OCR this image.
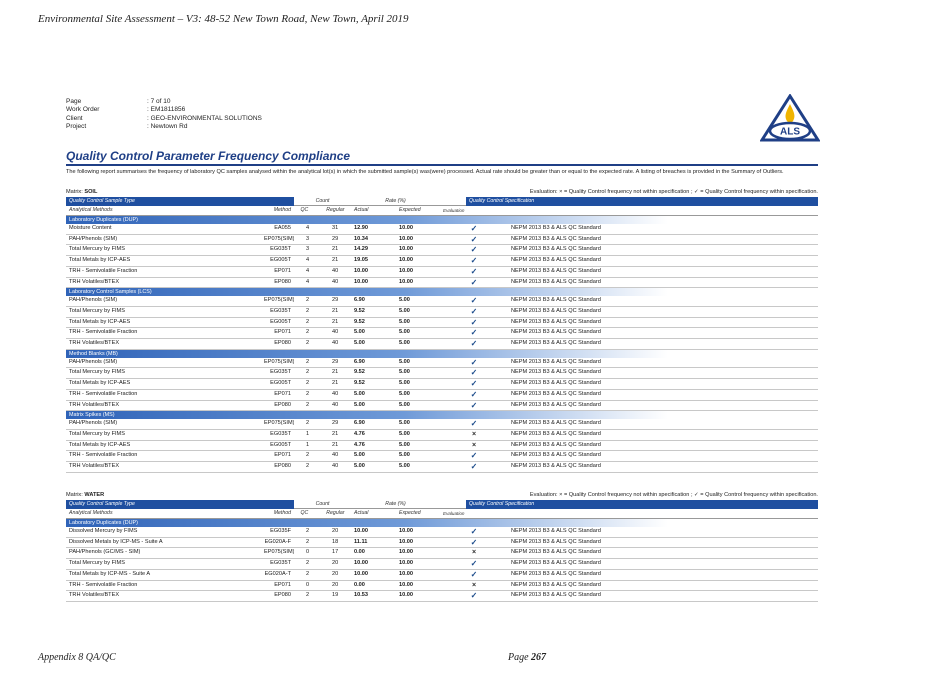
Environmental Site Assessment – V3: 48-52 New Town Road, New Town, April 2019
Page	: 7 of 10
Work Order	: EM1811856
Client	: GEO-ENVIRONMENTAL SOLUTIONS
Project	: Newtown Rd	ALS
Quality Control Parameter Frequency Compliance
The following report summarises the frequency of laboratory QC samples analysed within the analytical lot(s) in which the submitted sample(s) was(were) processed. Actual rate should be greater than or equal to the expected rate. A listing of breaches is provided in the Summary of Outliers.
Matrix: SOIL	Evaluation: × = Quality Control frequency not within specification ; ✓ = Quality Control frequency within specification.
Quality Control Sample Type		Count	Rate (%)			Quality Control Specification	
Analytical Methods	Method	QC Regular	Actual	Expected	Evaluation		
Laboratory Duplicates (DUP)							
Moisture Content	EA055	4 31	12.90	10.00	✓		NEPM 2013 B3 & ALS QC Standard
PAH/Phenols (SIM)	EP075(SIM)	3 29	10.34	10.00	✓		NEPM 2013 B3 & ALS QC Standard
Total Mercury by FIMS	EG035T	3 21	14.29	10.00	✓		NEPM 2013 B3 & ALS QC Standard
Total Metals by ICP-AES	EG005T	4 21	19.05	10.00	✓		NEPM 2013 B3 & ALS QC Standard
TRH - Semivolatile Fraction	EP071	4 40	10.00	10.00	✓		NEPM 2013 B3 & ALS QC Standard
TRH Volatiles/BTEX	EP080	4 40	10.00	10.00	✓		NEPM 2013 B3 & ALS QC Standard
Laboratory Control Samples (LCS)							
PAH/Phenols (SIM)	EP075(SIM)	2 29	6.90	5.00	✓		NEPM 2013 B3 & ALS QC Standard
Total Mercury by FIMS	EG035T	2 21	9.52	5.00	✓		NEPM 2013 B3 & ALS QC Standard
Total Metals by ICP-AES	EG005T	2 21	9.52	5.00	✓		NEPM 2013 B3 & ALS QC Standard
TRH - Semivolatile Fraction	EP071	2 40	5.00	5.00	✓		NEPM 2013 B3 & ALS QC Standard
TRH Volatiles/BTEX	EP080	2 40	5.00	5.00	✓		NEPM 2013 B3 & ALS QC Standard
Method Blanks (MB)							
PAH/Phenols (SIM)	EP075(SIM)	2 29	6.90	5.00	✓		NEPM 2013 B3 & ALS QC Standard
Total Mercury by FIMS	EG035T	2 21	9.52	5.00	✓		NEPM 2013 B3 & ALS QC Standard
Total Metals by ICP-AES	EG005T	2 21	9.52	5.00	✓		NEPM 2013 B3 & ALS QC Standard
TRH - Semivolatile Fraction	EP071	2 40	5.00	5.00	✓		NEPM 2013 B3 & ALS QC Standard
TRH Volatiles/BTEX	EP080	2 40	5.00	5.00	✓		NEPM 2013 B3 & ALS QC Standard
Matrix Spikes (MS)							
PAH/Phenols (SIM)	EP075(SIM)	2 29	6.90	5.00	✓		NEPM 2013 B3 & ALS QC Standard
Total Mercury by FIMS	EG035T	1 21	4.76	5.00	×		NEPM 2013 B3 & ALS QC Standard
Total Metals by ICP-AES	EG005T	1 21	4.76	5.00	×		NEPM 2013 B3 & ALS QC Standard
TRH - Semivolatile Fraction	EP071	2 40	5.00	5.00	✓		NEPM 2013 B3 & ALS QC Standard
TRH Volatiles/BTEX	EP080	2 40	5.00	5.00	✓		NEPM 2013 B3 & ALS QC Standard
Matrix: WATER	Evaluation: × = Quality Control frequency not within specification ; ✓ = Quality Control frequency within specification.
Quality Control Sample Type		Count	Rate (%)			Quality Control Specification	
Analytical Methods	Method	QC Regular	Actual	Expected	Evaluation		
Laboratory Duplicates (DUP)							
Dissolved Mercury by FIMS	EG035F	2 20	10.00	10.00	✓		NEPM 2013 B3 & ALS QC Standard
Dissolved Metals by ICP-MS - Suite A	EG020A-F	2 18	11.11	10.00	✓		NEPM 2013 B3 & ALS QC Standard
PAH/Phenols (GC/MS - SIM)	EP075(SIM)	0 17	0.00	10.00	×		NEPM 2013 B3 & ALS QC Standard
Total Mercury by FIMS	EG035T	2 20	10.00	10.00	✓		NEPM 2013 B3 & ALS QC Standard
Total Metals by ICP-MS - Suite A	EG020A-T	2 20	10.00	10.00	✓		NEPM 2013 B3 & ALS QC Standard
TRH - Semivolatile Fraction	EP071	0 20	0.00	10.00	×		NEPM 2013 B3 & ALS QC Standard
TRH Volatiles/BTEX	EP080	2 19	10.53	10.00	✓		NEPM 2013 B3 & ALS QC Standard
Appendix 8 QA/QC	Page 267
